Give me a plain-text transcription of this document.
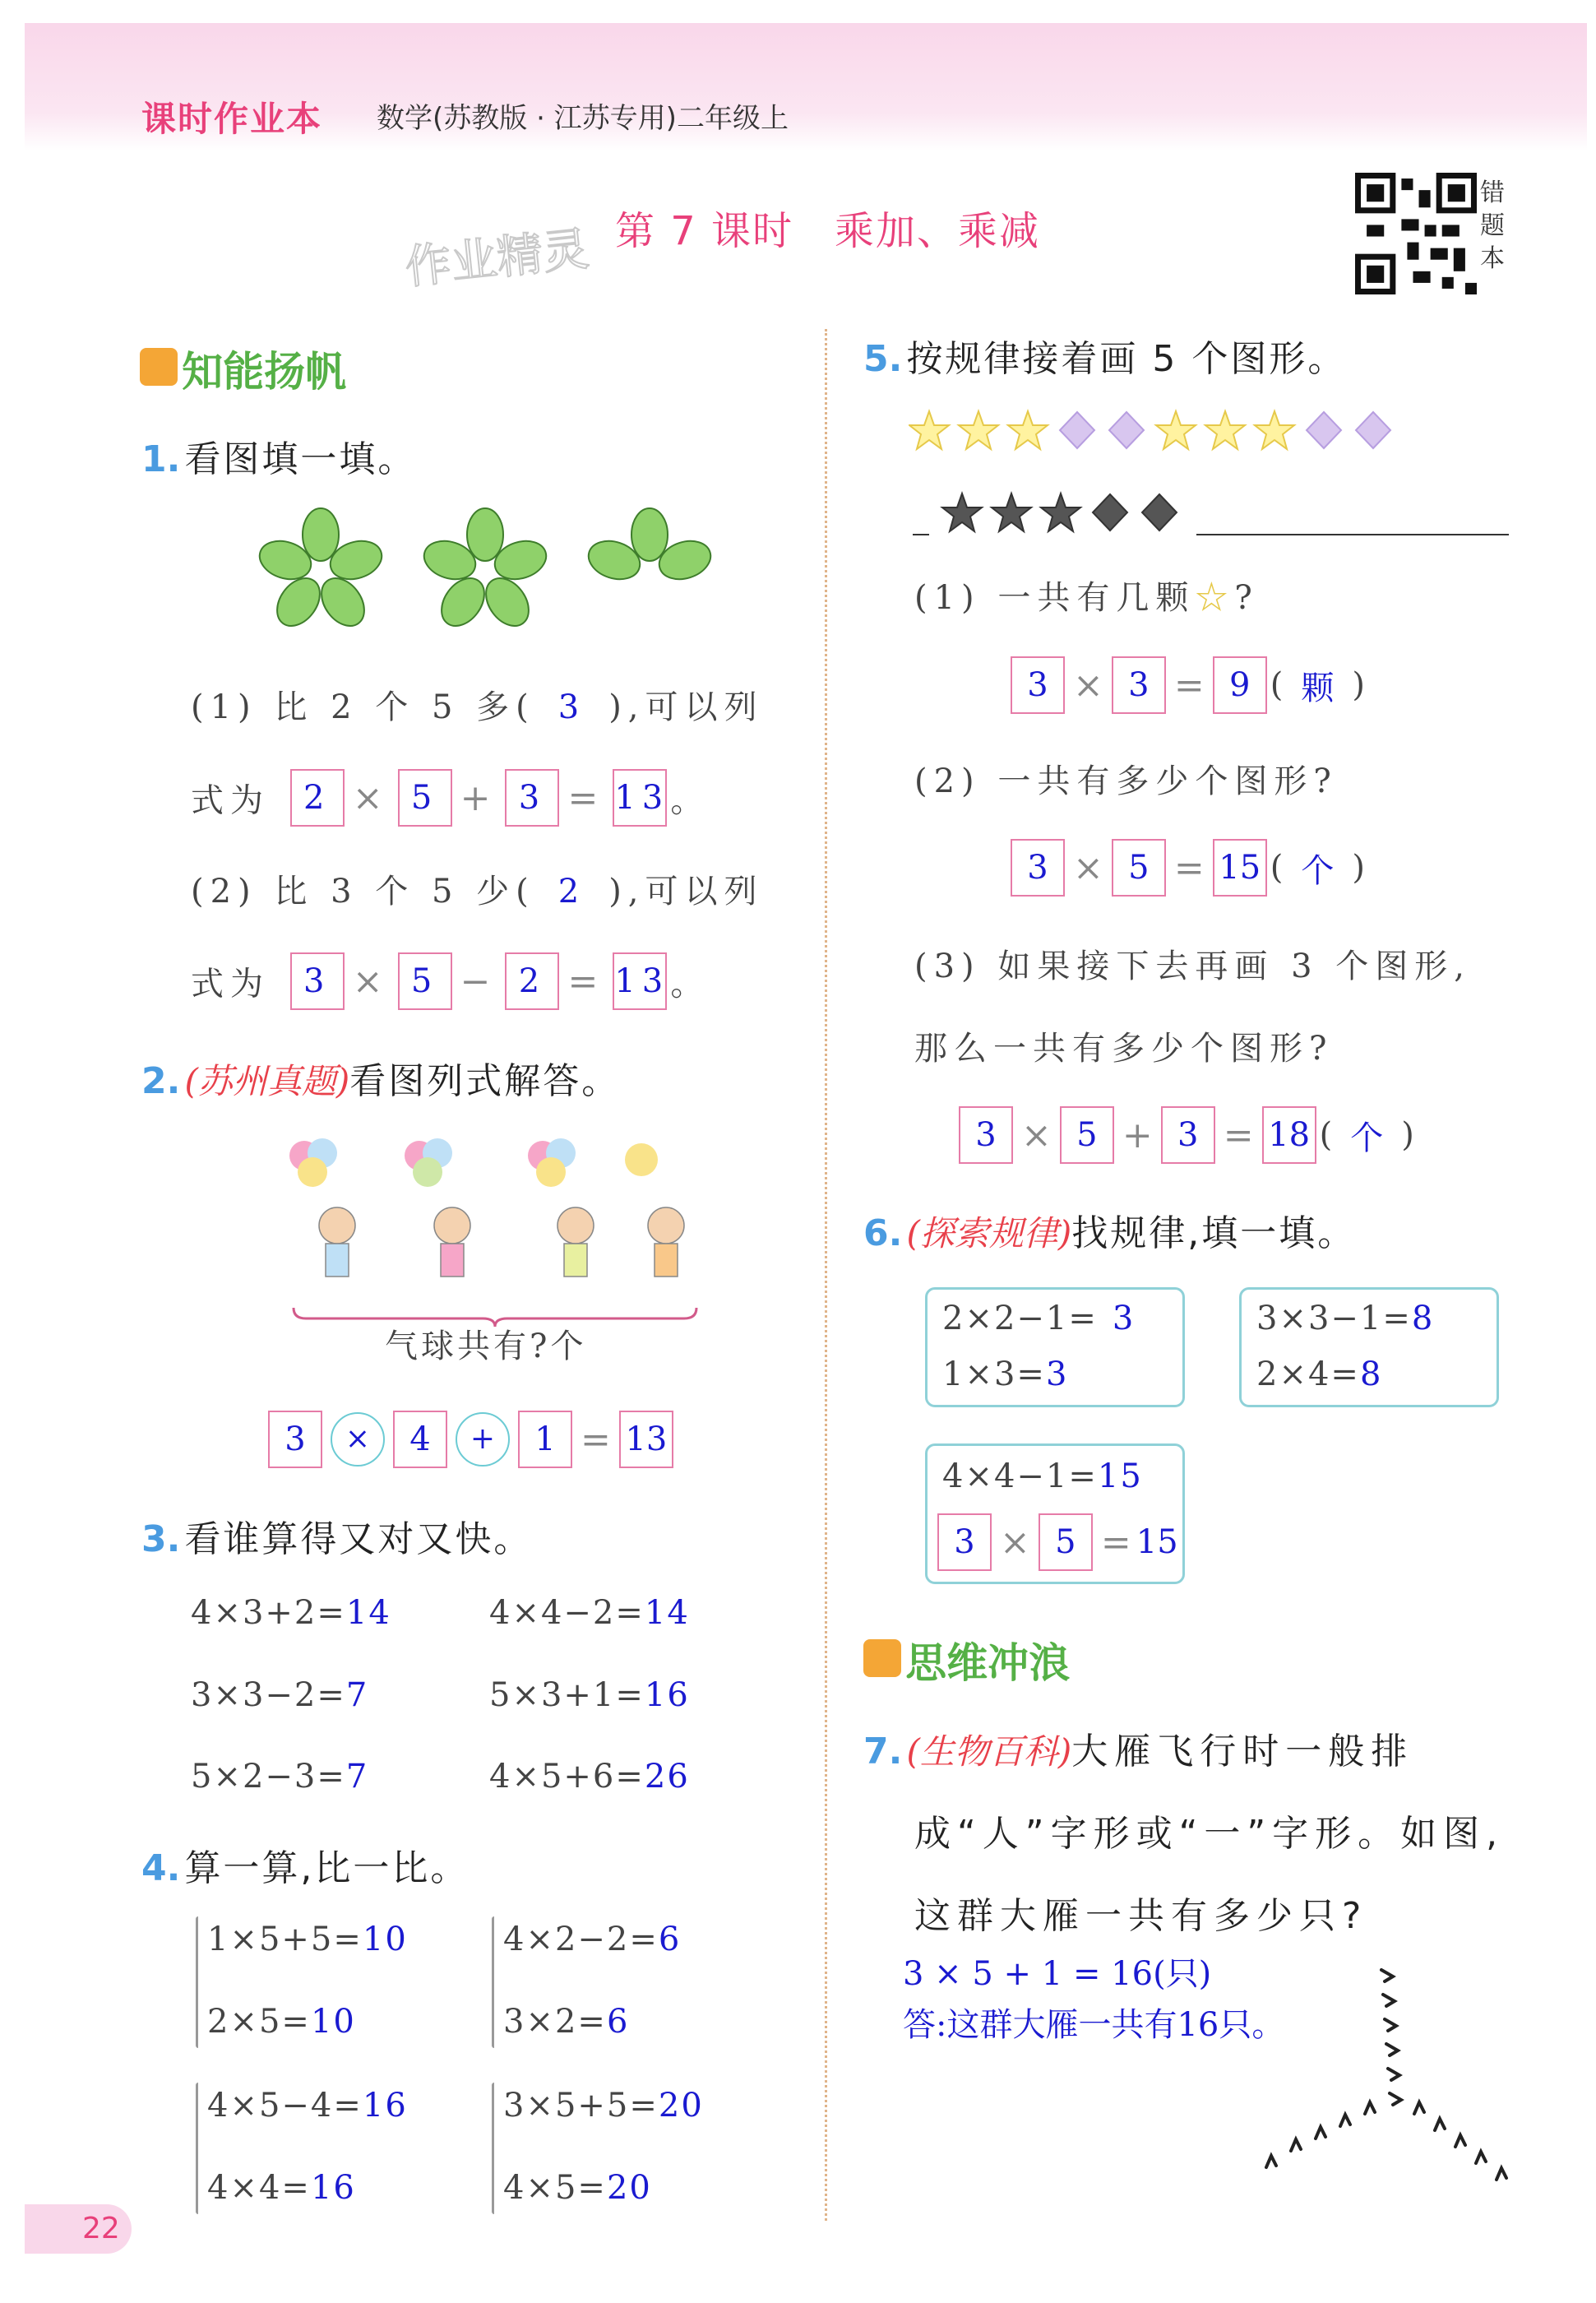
课时作业本 数学(苏教版 · 江苏专用)二年级上
作业精灵 第 7 课时　乘加、乘减
错题本
知能扬帆
1. 看图填一填。
(1) 比 2 个 5 多( 3 ),可以列
式为 2 × 5 + 3 = 13。
(2) 比 3 个 5 少( 2 ),可以列
式为 3 × 5 − 2 = 13。
2. (苏州真题)看图列式解答。
气球共有?个
3 × 4 + 1 = 13
3. 看谁算得又对又快。
4×3+2=14	4×4−2=14
3×3−2=7	5×3+1=16
5×2−3=7	4×5+6=26
4. 算一算,比一比。
1×5+5=10
2×5=10
4×2−2=6
3×2=6
4×5−4=16
4×4=16
3×5+5=20
4×5=20
5. 按规律接着画 5 个图形。
(1) 一共有几颗☆?
3 × 3 = 9 ( 颗 )
(2) 一共有多少个图形?
3 × 5 = 15 ( 个 )
(3) 如果接下去再画 3 个图形,
那么一共有多少个图形?
3 × 5 + 3 = 18 ( 个 )
6. (探索规律)找规律,填一填。
2×2−1= 3
1×3=3
3×3−1=8
2×4=8
4×4−1=15
3 × 5 = 15
思维冲浪
7. (生物百科)大雁飞行时一般排
成“人”字形或“一”字形。如图,
这群大雁一共有多少只?
3 × 5 + 1 = 16(只)
答:这群大雁一共有16只。
22
